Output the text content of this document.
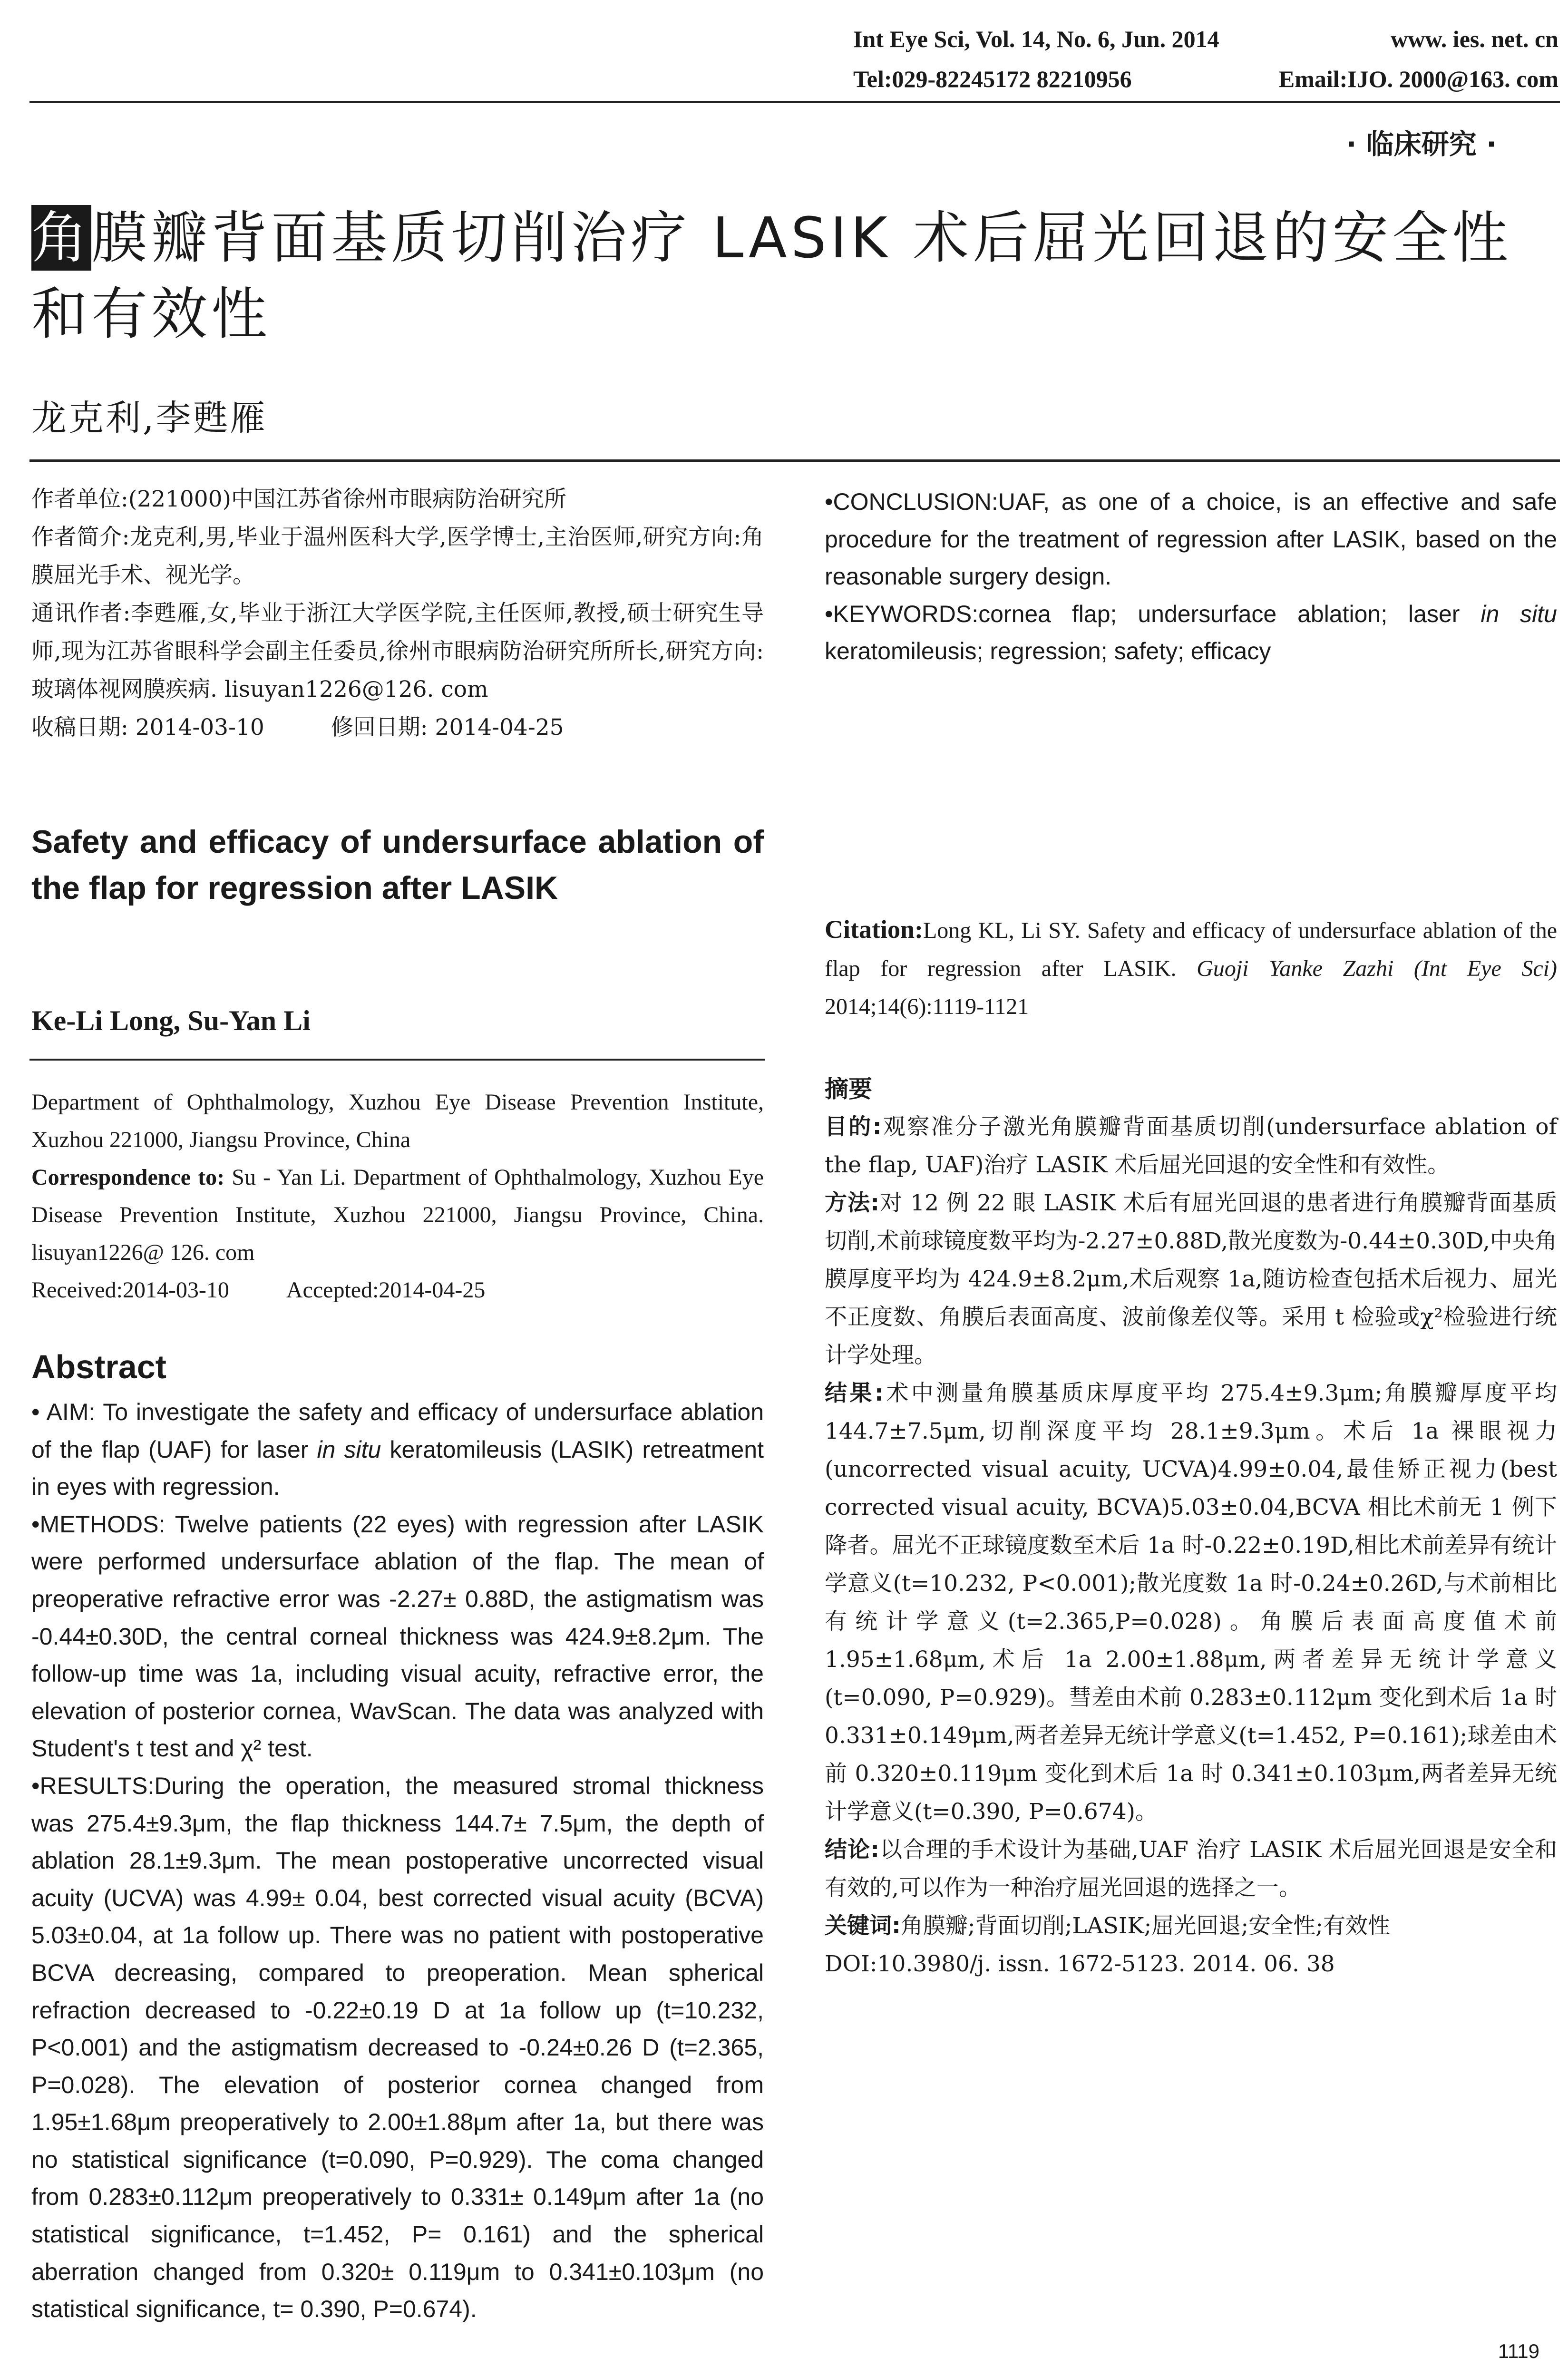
Int Eye Sci, Vol. 14, No. 6, Jun. 2014	www. ies. net. cn
Tel:029-82245172 82210956	Email:IJO. 2000@163. com
· 临床研究 ·
角膜瓣背面基质切削治疗 LASIK 术后屈光回退的安全性
和有效性
龙克利,李甦雁

作者单位:(221000)中国江苏省徐州市眼病防治研究所

作者简介:龙克利,男,毕业于温州医科大学,医学博士,主治医师,研究方向:角膜屈光手术、视光学。

通讯作者:李甦雁,女,毕业于浙江大学医学院,主任医师,教授,硕士研究生导师,现为江苏省眼科学会副主任委员,徐州市眼病防治研究所所长,研究方向:玻璃体视网膜疾病. lisuyan1226@126. com

收稿日期: 2014-03-10	修回日期: 2014-04-25

Safety and efficacy of undersurface ablation of the flap for regression after LASIK
Ke-Li Long, Su-Yan Li

Department of Ophthalmology, Xuzhou Eye Disease Prevention Institute, Xuzhou 221000, Jiangsu Province, China

Correspondence to: Su - Yan Li. Department of Ophthalmology, Xuzhou Eye Disease Prevention Institute, Xuzhou 221000, Jiangsu Province, China. lisuyan1226@ 126. com

Received:2014-03-10	Accepted:2014-04-25

Abstract

• AIM: To investigate the safety and efficacy of undersurface ablation of the flap (UAF) for laser in situ keratomileusis (LASIK) retreatment in eyes with regression.

•METHODS: Twelve patients (22 eyes) with regression after LASIK were performed undersurface ablation of the flap. The mean of preoperative refractive error was -2.27± 0.88D, the astigmatism was -0.44±0.30D, the central corneal thickness was 424.9±8.2μm. The follow-up time was 1a, including visual acuity, refractive error, the elevation of posterior cornea, WavScan. The data was analyzed with Student's t test and χ² test.

•RESULTS:During the operation, the measured stromal thickness was 275.4±9.3μm, the flap thickness 144.7± 7.5μm, the depth of ablation 28.1±9.3μm. The mean postoperative uncorrected visual acuity (UCVA) was 4.99± 0.04, best corrected visual acuity (BCVA) 5.03±0.04, at 1a follow up. There was no patient with postoperative BCVA decreasing, compared to preoperation. Mean spherical refraction decreased to -0.22±0.19 D at 1a follow up (t=10.232, P<0.001) and the astigmatism decreased to -0.24±0.26 D (t=2.365, P=0.028). The elevation of posterior cornea changed from 1.95±1.68μm preoperatively to 2.00±1.88μm after 1a, but there was no statistical significance (t=0.090, P=0.929). The coma changed from 0.283±0.112μm preoperatively to 0.331± 0.149μm after 1a (no statistical significance, t=1.452, P= 0.161) and the spherical aberration changed from 0.320± 0.119μm to 0.341±0.103μm (no statistical significance, t= 0.390, P=0.674).

•CONCLUSION:UAF, as one of a choice, is an effective and safe procedure for the treatment of regression after LASIK, based on the reasonable surgery design.

•KEYWORDS:cornea flap; undersurface ablation; laser in situ keratomileusis; regression; safety; efficacy

Citation:Long KL, Li SY. Safety and efficacy of undersurface ablation of the flap for regression after LASIK. Guoji Yanke Zazhi (Int Eye Sci) 2014;14(6):1119-1121
摘要

目的:观察准分子激光角膜瓣背面基质切削(undersurface ablation of the flap, UAF)治疗 LASIK 术后屈光回退的安全性和有效性。

方法:对 12 例 22 眼 LASIK 术后有屈光回退的患者进行角膜瓣背面基质切削,术前球镜度数平均为-2.27±0.88D,散光度数为-0.44±0.30D,中央角膜厚度平均为 424.9±8.2μm,术后观察 1a,随访检查包括术后视力、屈光不正度数、角膜后表面高度、波前像差仪等。采用 t 检验或χ²检验进行统计学处理。

结果:术中测量角膜基质床厚度平均 275.4±9.3μm;角膜瓣厚度平均 144.7±7.5μm,切削深度平均 28.1±9.3μm。术后 1a 裸眼视力(uncorrected visual acuity, UCVA)4.99±0.04,最佳矫正视力(best corrected visual acuity, BCVA)5.03±0.04,BCVA 相比术前无 1 例下降者。屈光不正球镜度数至术后 1a 时-0.22±0.19D,相比术前差异有统计学意义(t=10.232, P<0.001);散光度数 1a 时-0.24±0.26D,与术前相比有统计学意义(t=2.365,P=0.028)。角膜后表面高度值术前 1.95±1.68μm,术后 1a 2.00±1.88μm,两者差异无统计学意义(t=0.090, P=0.929)。彗差由术前 0.283±0.112μm 变化到术后 1a 时 0.331±0.149μm,两者差异无统计学意义(t=1.452, P=0.161);球差由术前 0.320±0.119μm 变化到术后 1a 时 0.341±0.103μm,两者差异无统计学意义(t=0.390, P=0.674)。

结论:以合理的手术设计为基础,UAF 治疗 LASIK 术后屈光回退是安全和有效的,可以作为一种治疗屈光回退的选择之一。

关键词:角膜瓣;背面切削;LASIK;屈光回退;安全性;有效性

DOI:10.3980/j. issn. 1672-5123. 2014. 06. 38

1119
